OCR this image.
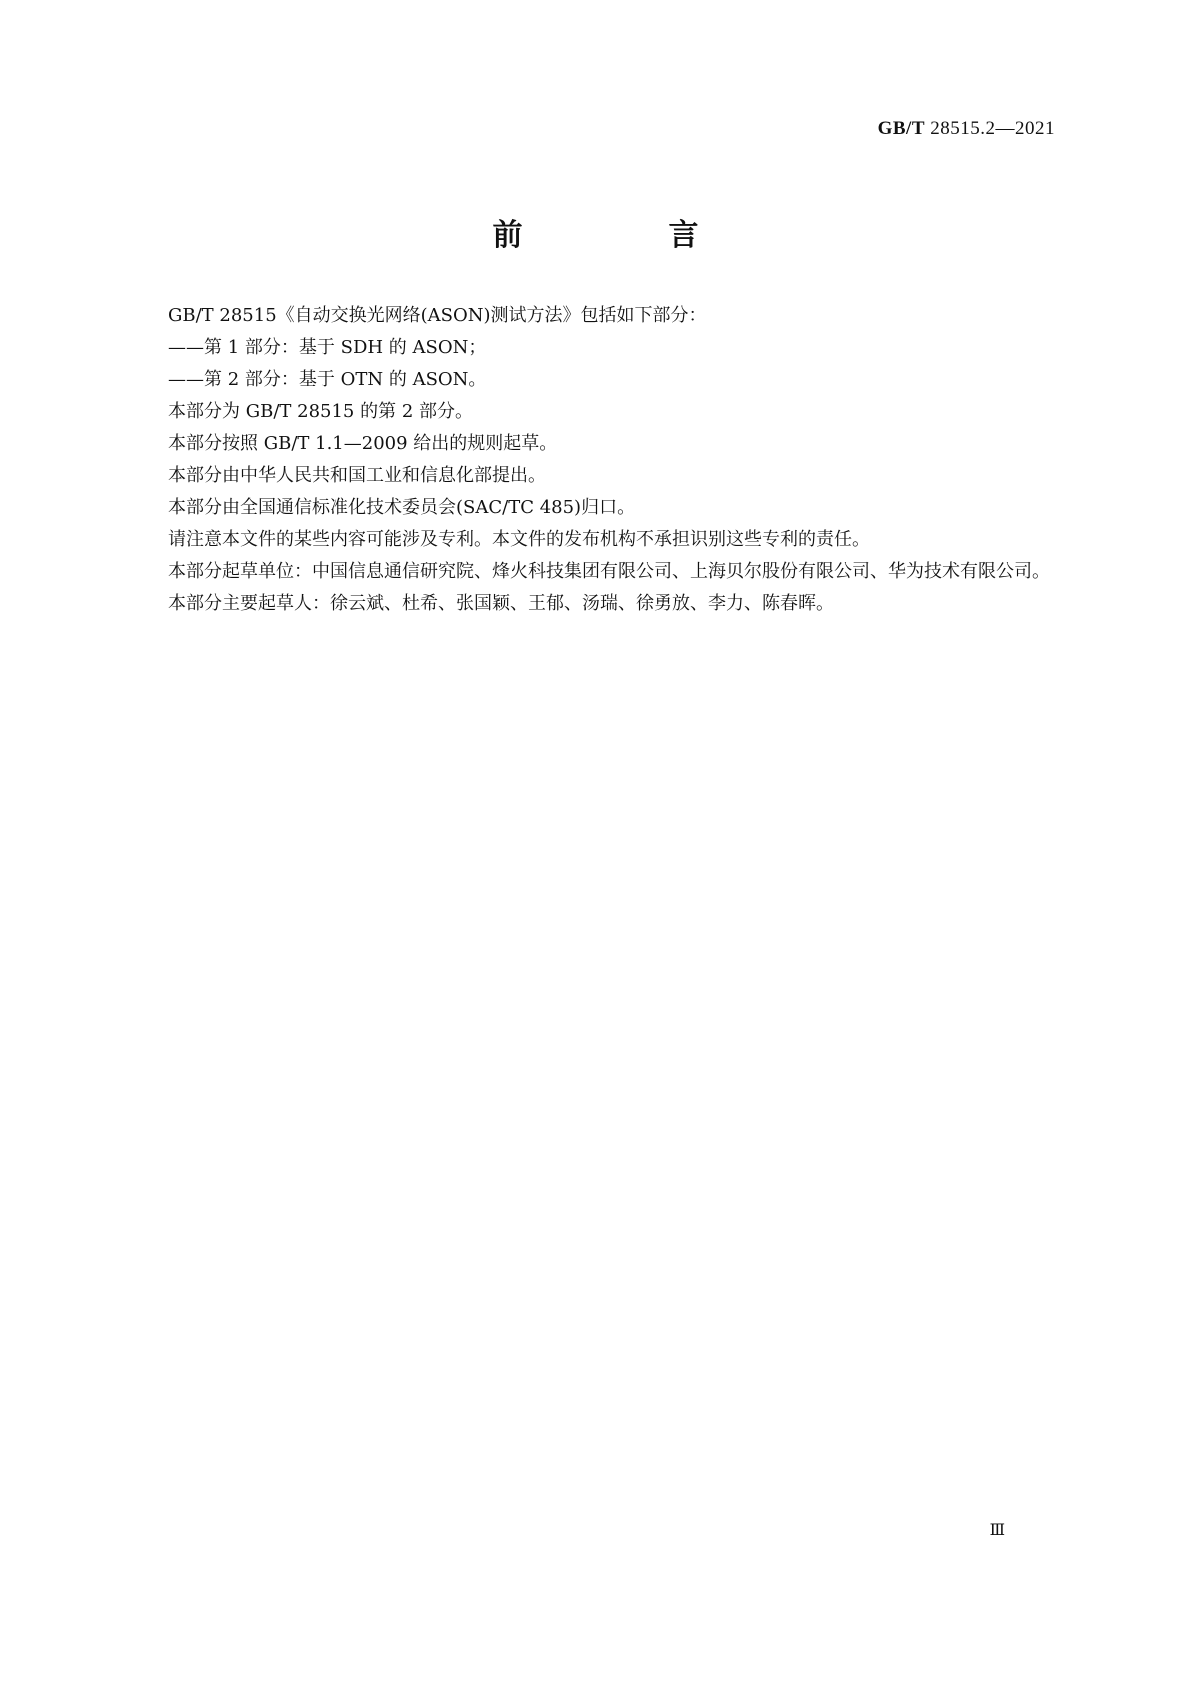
GB/T 28515.2—2021
前　言

GB/T 28515《自动交换光网络(ASON)测试方法》包括如下部分：

——第 1 部分：基于 SDH 的 ASON；

——第 2 部分：基于 OTN 的 ASON。

本部分为 GB/T 28515 的第 2 部分。

本部分按照 GB/T 1.1—2009 给出的规则起草。

本部分由中华人民共和国工业和信息化部提出。

本部分由全国通信标准化技术委员会(SAC/TC 485)归口。

请注意本文件的某些内容可能涉及专利。本文件的发布机构不承担识别这些专利的责任。

本部分起草单位：中国信息通信研究院、烽火科技集团有限公司、上海贝尔股份有限公司、华为技术有限公司。

本部分主要起草人：徐云斌、杜希、张国颖、王郁、汤瑞、徐勇放、李力、陈春晖。

Ⅲ
